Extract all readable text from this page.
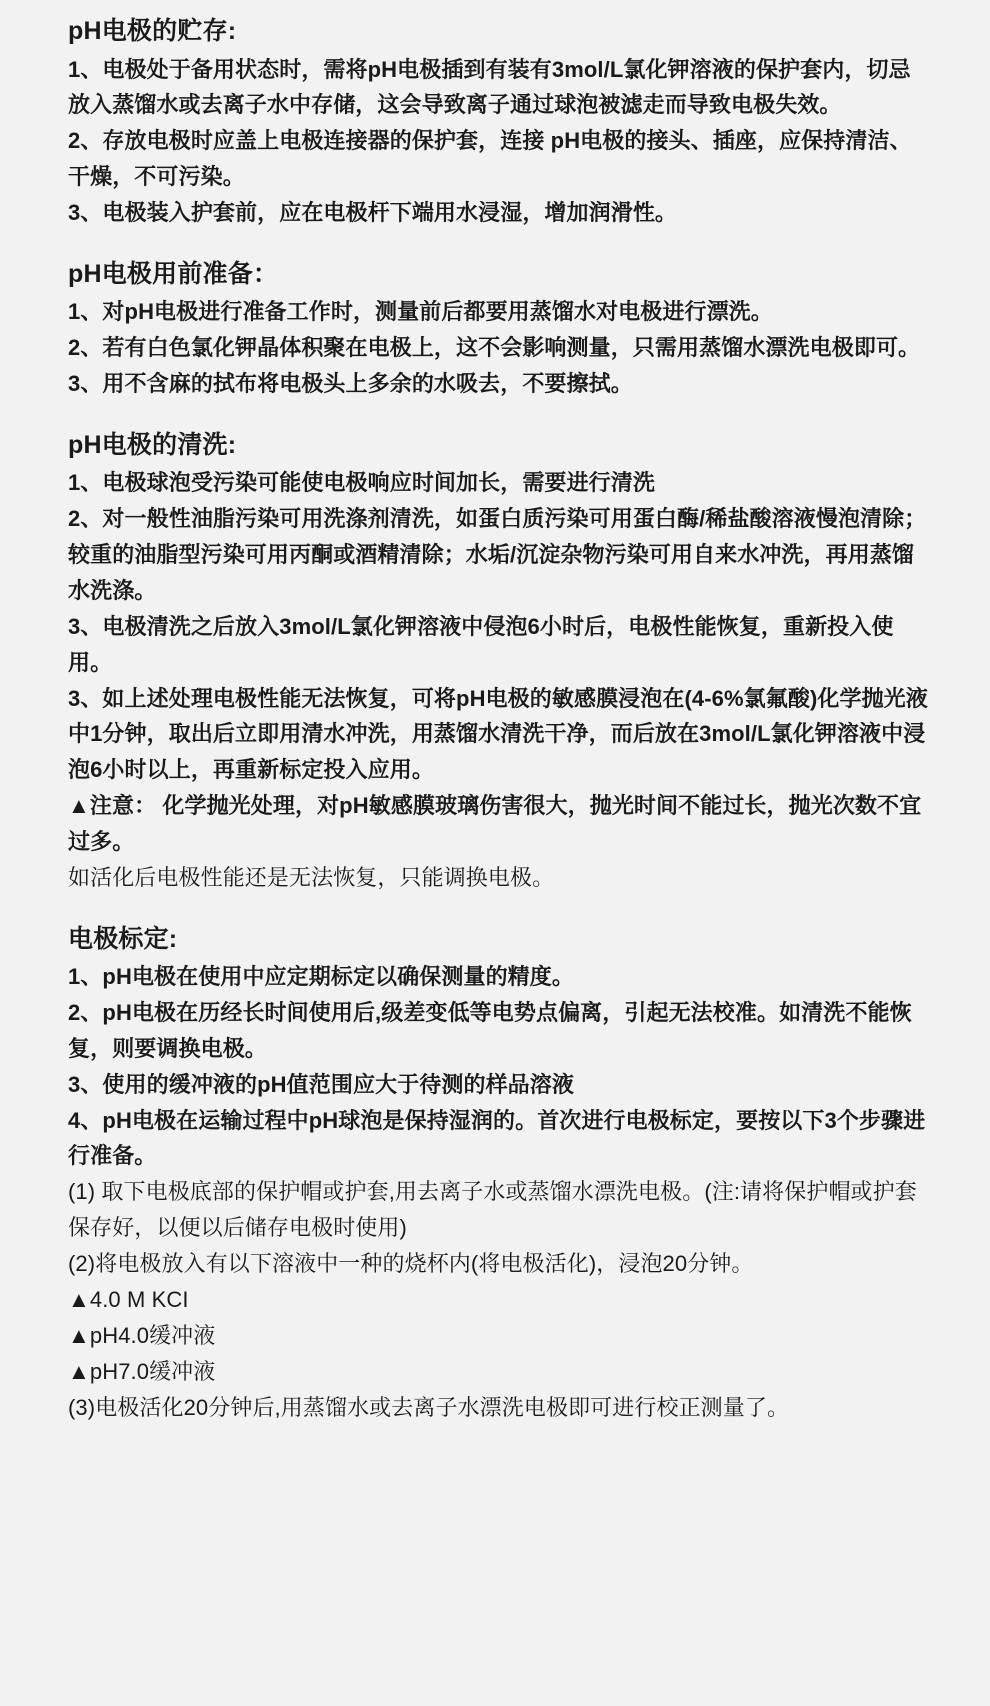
pH电极的贮存:

1、电极处于备用状态时，需将pH电极插到有装有3mol/L氯化钾溶液的保护套内，切忌放入蒸馏水或去离子水中存储，这会导致离子通过球泡被滤走而导致电极失效。

2、存放电极时应盖上电极连接器的保护套，连接 pH电极的接头、插座，应保持清洁、干燥，不可污染。

3、电极装入护套前，应在电极杆下端用水浸湿，增加润滑性。

pH电极用前准备：

1、对pH电极进行准备工作时，测量前后都要用蒸馏水对电极进行漂洗。

2、若有白色氯化钾晶体积聚在电极上，这不会影响测量，只需用蒸馏水漂洗电极即可。

3、用不含麻的拭布将电极头上多余的水吸去，不要擦拭。

pH电极的清洗:

1、电极球泡受污染可能使电极响应时间加长，需要进行清洗

2、对一般性油脂污染可用洗涤剂清洗，如蛋白质污染可用蛋白酶/稀盐酸溶液慢泡清除；较重的油脂型污染可用丙酮或酒精清除；水垢/沉淀杂物污染可用自来水冲洗，再用蒸馏水洗涤。

3、电极清洗之后放入3mol/L氯化钾溶液中侵泡6小时后，电极性能恢复，重新投入使用。

3、如上述处理电极性能无法恢复，可将pH电极的敏感膜浸泡在(4-6%氯氟酸)化学抛光液中1分钟，取出后立即用清水冲洗，用蒸馏水清洗干净，而后放在3mol/L氯化钾溶液中浸泡6小时以上，再重新标定投入应用。

▲注意： 化学抛光处理，对pH敏感膜玻璃伤害很大，抛光时间不能过长，抛光次数不宜过多。

如活化后电极性能还是无法恢复，只能调换电极。

电极标定:

1、pH电极在使用中应定期标定以确保测量的精度。

2、pH电极在历经长时间使用后,级差变低等电势点偏离，引起无法校准。如清洗不能恢复，则要调换电极。

3、使用的缓冲液的pH值范围应大于待测的样品溶液

4、pH电极在运输过程中pH球泡是保持湿润的。首次进行电极标定，要按以下3个步骤进行准备。

(1) 取下电极底部的保护帽或护套,用去离子水或蒸馏水漂洗电极。(注:请将保护帽或护套保存好，以便以后储存电极时使用)

(2)将电极放入有以下溶液中一种的烧杯内(将电极活化)，浸泡20分钟。

▲4.0 M KCI

▲pH4.0缓冲液

▲pH7.0缓冲液

(3)电极活化20分钟后,用蒸馏水或去离子水漂洗电极即可进行校正测量了。
